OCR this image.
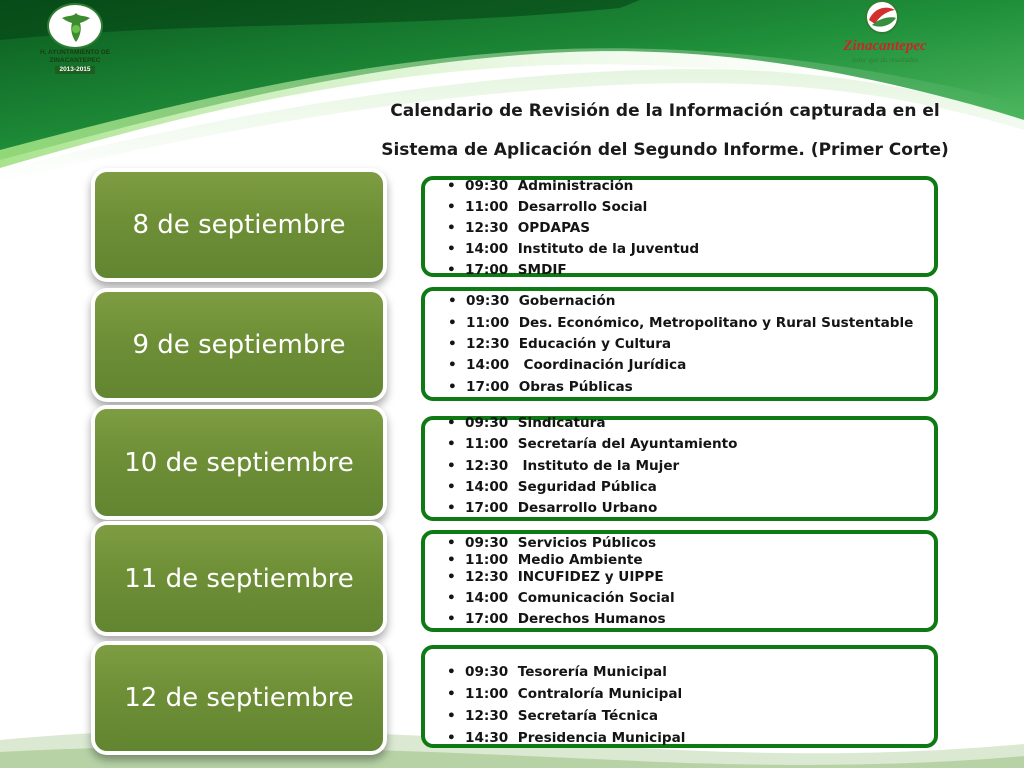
H. AYUNTAMIENTO DE
ZINACANTEPEC
2013-2015
Zinacantepec
valor que da resultados
Calendario de Revisión de la Información capturada en el
Sistema de Aplicación del Segundo Informe. (Primer Corte)
8 de septiembre
• 09:30 Administración
• 11:00 Desarrollo Social
• 12:30 OPDAPAS
• 14:00 Instituto de la Juventud
• 17:00 SMDIF
9 de septiembre
• 09:30 Gobernación
• 11:00 Des. Económico, Metropolitano y Rural Sustentable
• 12:30 Educación y Cultura
• 14:00 Coordinación Jurídica
• 17:00 Obras Públicas
10 de septiembre
• 09:30 Sindicatura
• 11:00 Secretaría del Ayuntamiento
• 12:30 Instituto de la Mujer
• 14:00 Seguridad Pública
• 17:00 Desarrollo Urbano
11 de septiembre
• 09:30 Servicios Públicos
• 11:00 Medio Ambiente
• 12:30 INCUFIDEZ y UIPPE
• 14:00 Comunicación Social
• 17:00 Derechos Humanos
12 de septiembre
• 09:30 Tesorería Municipal
• 11:00 Contraloría Municipal
• 12:30 Secretaría Técnica
• 14:30 Presidencia Municipal
